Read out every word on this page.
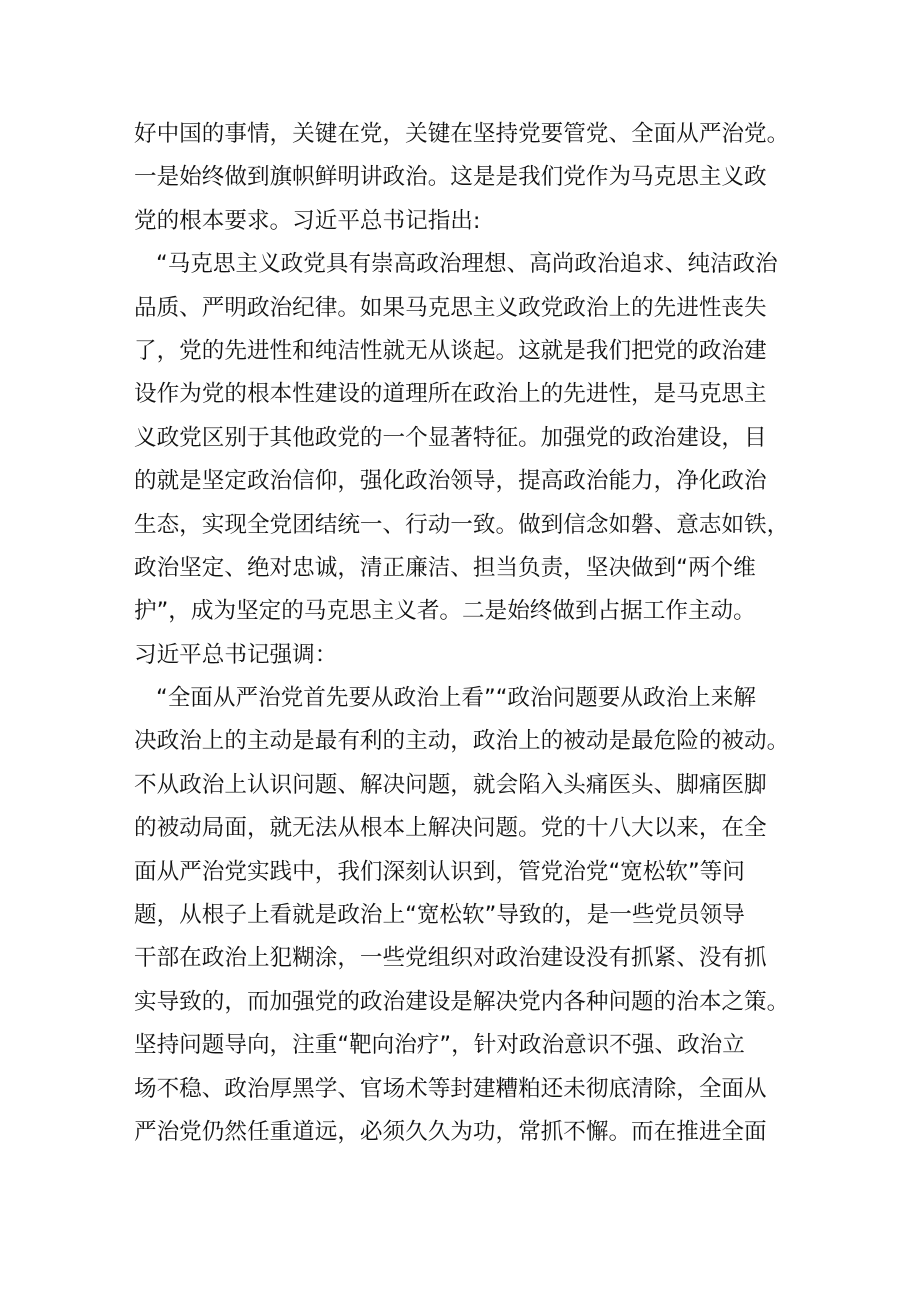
好中国的事情，关键在党，关键在坚持党要管党、全面从严治党。
一是始终做到旗帜鲜明讲政治。这是是我们党作为马克思主义政
党的根本要求。习近平总书记指出:
“马克思主义政党具有崇高政治理想、高尚政治追求、纯洁政治
品质、严明政治纪律。如果马克思主义政党政治上的先进性丧失
了，党的先进性和纯洁性就无从谈起。这就是我们把党的政治建
设作为党的根本性建设的道理所在政治上的先进性，是马克思主
义政党区别于其他政党的一个显著特征。加强党的政治建设，目
的就是坚定政治信仰，强化政治领导，提高政治能力，净化政治
生态，实现全党团结统一、行动一致。做到信念如磐、意志如铁，
政治坚定、绝对忠诚，清正廉洁、担当负责，坚决做到“两个维
护”，成为坚定的马克思主义者。二是始终做到占据工作主动。
习近平总书记强调：
“全面从严治党首先要从政治上看”“政治问题要从政治上来解
决政治上的主动是最有利的主动，政治上的被动是最危险的被动。
不从政治上认识问题、解决问题，就会陷入头痛医头、脚痛医脚
的被动局面，就无法从根本上解决问题。党的十八大以来，在全
面从严治党实践中，我们深刻认识到，管党治党“宽松软”等问
题，从根子上看就是政治上“宽松软”导致的，是一些党员领导
干部在政治上犯糊涂，一些党组织对政治建设没有抓紧、没有抓
实导致的，而加强党的政治建设是解决党内各种问题的治本之策。
坚持问题导向，注重“靶向治疗”，针对政治意识不强、政治立
场不稳、政治厚黑学、官场术等封建糟粕还未彻底清除，全面从
严治党仍然任重道远，必须久久为功，常抓不懈。而在推进全面
